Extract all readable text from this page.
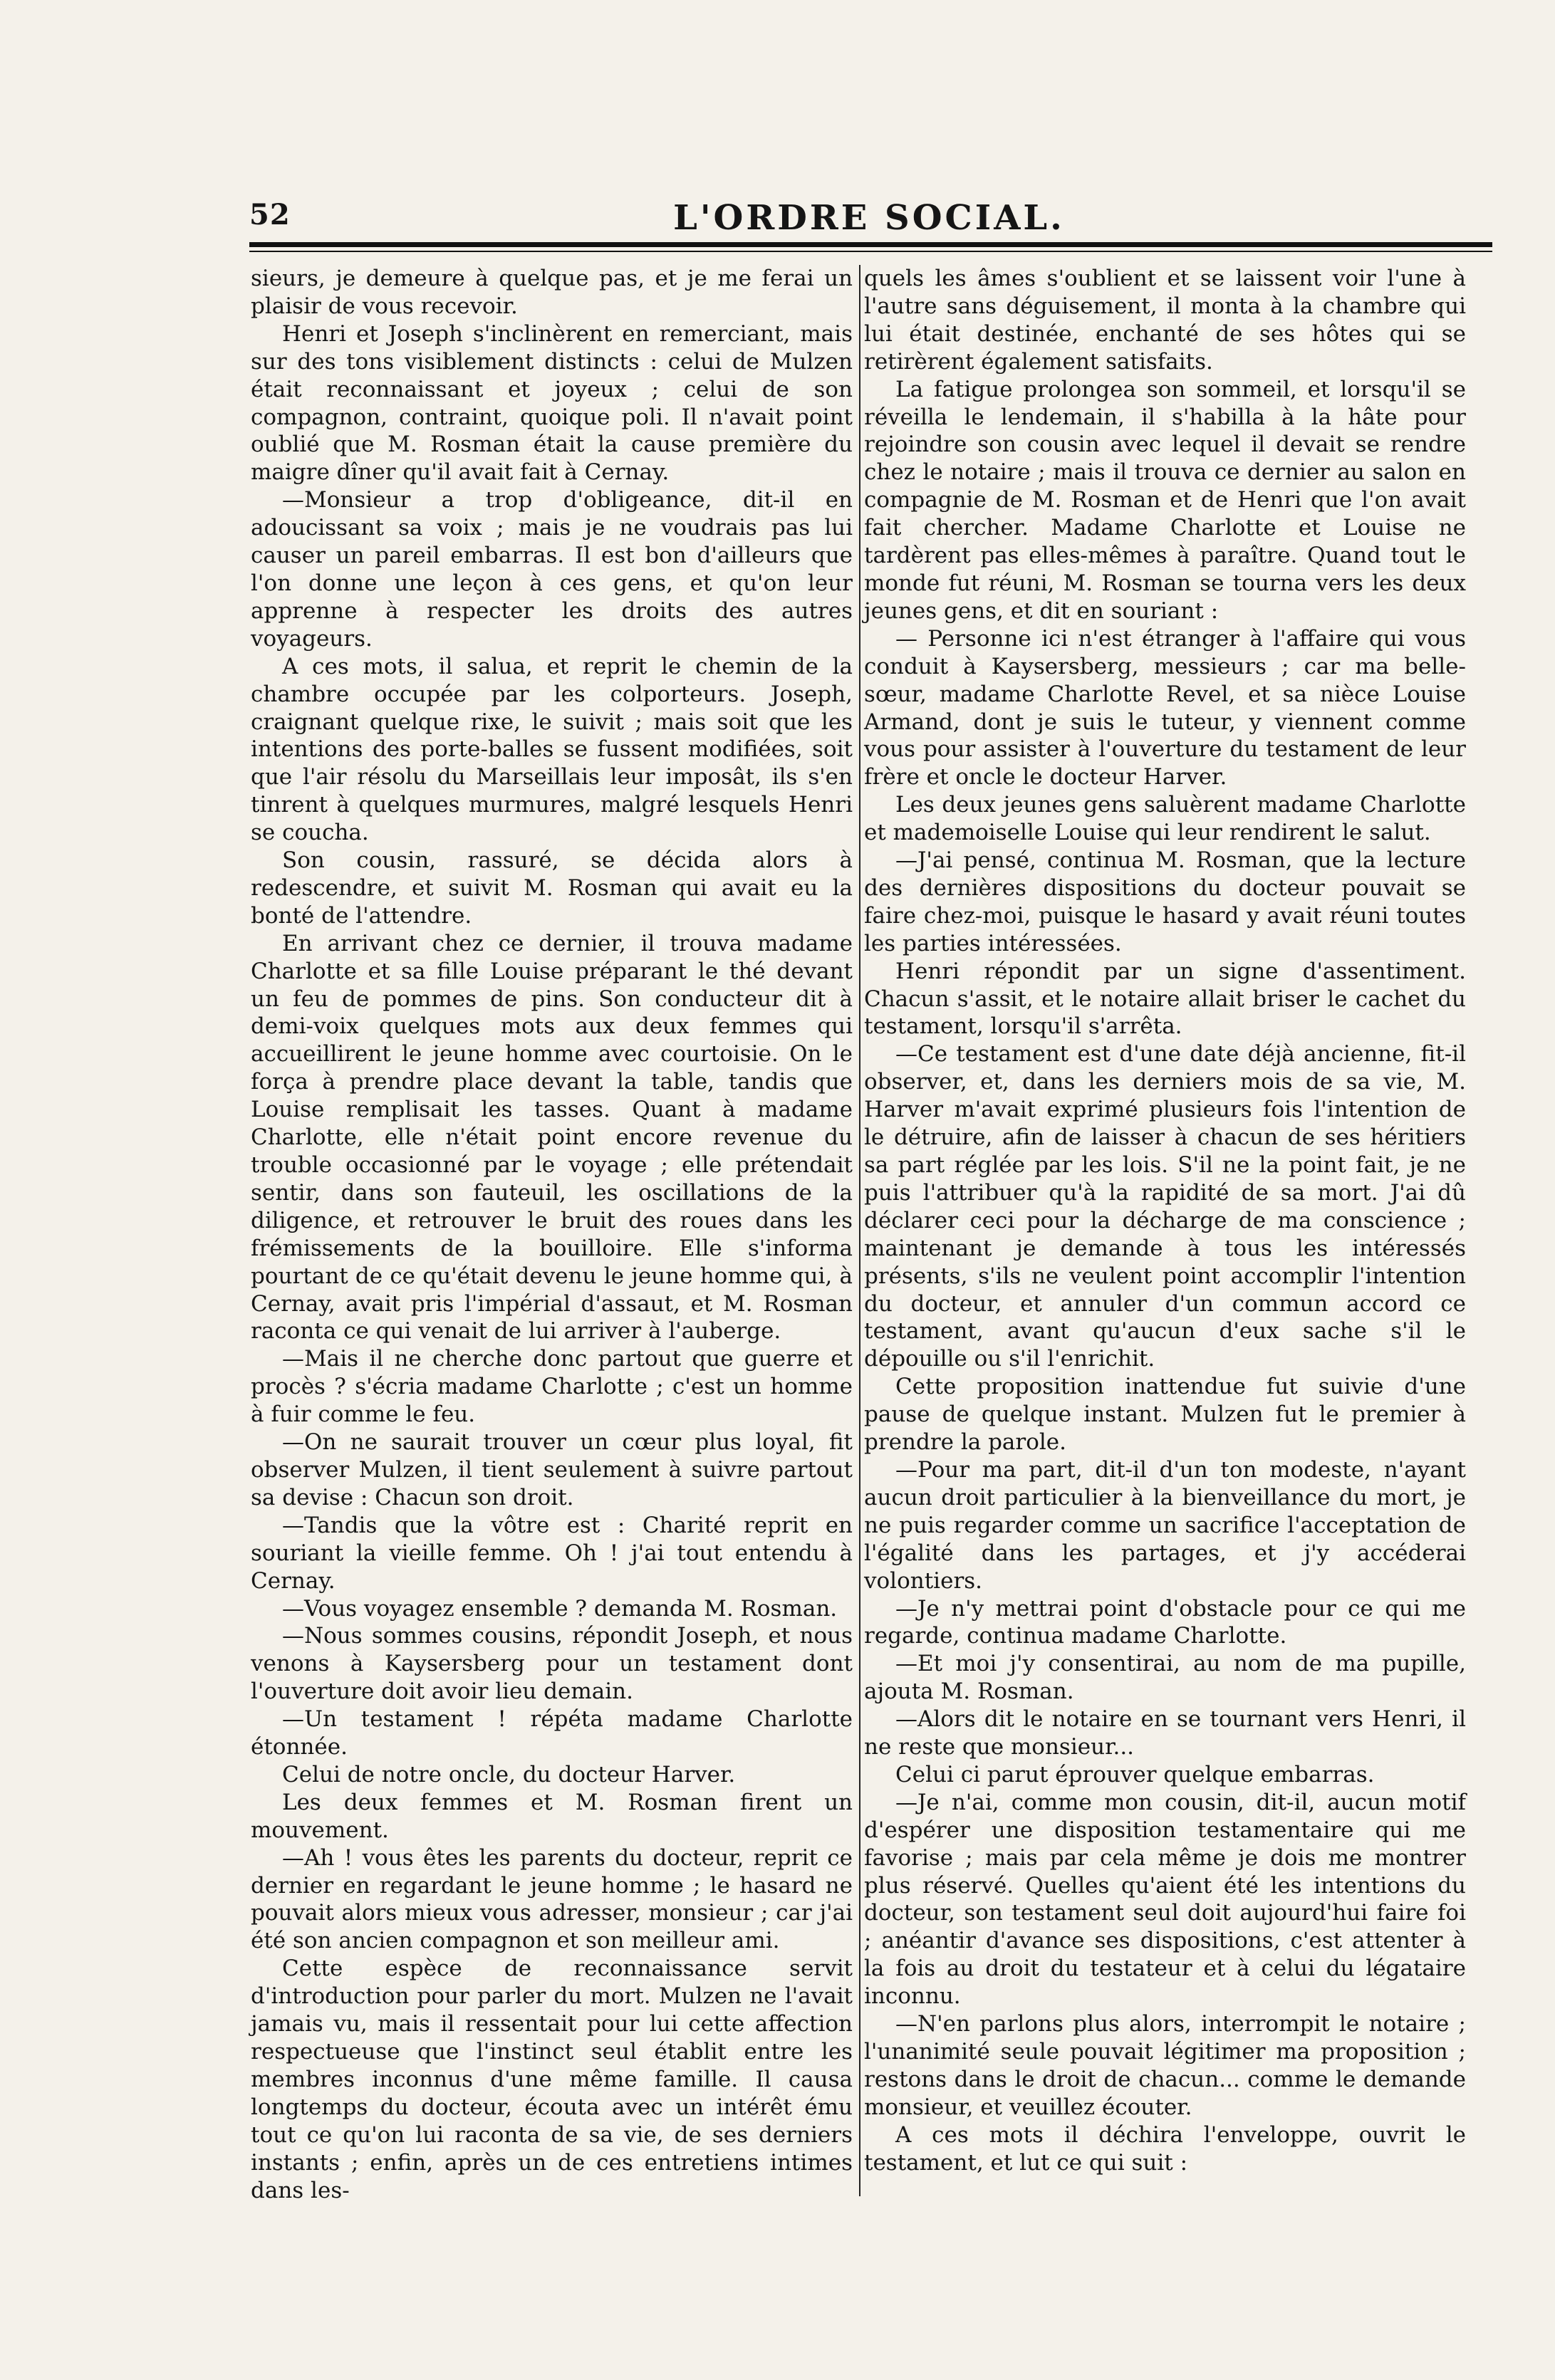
52	L'ORDRE SOCIAL.

sieurs, je demeure à quelque pas, et je me ferai un plaisir de vous recevoir.

Henri et Joseph s'inclinèrent en remerciant, mais sur des tons visiblement distincts : celui de Mulzen était reconnaissant et joyeux ; celui de son compagnon, contraint, quoique poli. Il n'avait point oublié que M. Rosman était la cause première du maigre dîner qu'il avait fait à Cernay.

—Monsieur a trop d'obligeance, dit-il en adoucissant sa voix ; mais je ne voudrais pas lui causer un pareil embarras. Il est bon d'ailleurs que l'on donne une leçon à ces gens, et qu'on leur apprenne à respecter les droits des autres voyageurs.

A ces mots, il salua, et reprit le chemin de la chambre occupée par les colporteurs. Joseph, craignant quelque rixe, le suivit ; mais soit que les intentions des porte-balles se fussent modifiées, soit que l'air résolu du Marseillais leur imposât, ils s'en tinrent à quelques murmures, malgré lesquels Henri se coucha.

Son cousin, rassuré, se décida alors à redescendre, et suivit M. Rosman qui avait eu la bonté de l'attendre.

En arrivant chez ce dernier, il trouva madame Charlotte et sa fille Louise préparant le thé devant un feu de pommes de pins. Son conducteur dit à demi-voix quelques mots aux deux femmes qui accueillirent le jeune homme avec courtoisie. On le força à prendre place devant la table, tandis que Louise remplisait les tasses. Quant à madame Charlotte, elle n'était point encore revenue du trouble occasionné par le voyage ; elle prétendait sentir, dans son fauteuil, les oscillations de la diligence, et retrouver le bruit des roues dans les frémissements de la bouilloire. Elle s'informa pourtant de ce qu'était devenu le jeune homme qui, à Cernay, avait pris l'impérial d'assaut, et M. Rosman raconta ce qui venait de lui arriver à l'auberge.

—Mais il ne cherche donc partout que guerre et procès ? s'écria madame Charlotte ; c'est un homme à fuir comme le feu.

—On ne saurait trouver un cœur plus loyal, fit observer Mulzen, il tient seulement à suivre partout sa devise : Chacun son droit.

—Tandis que la vôtre est : Charité reprit en souriant la vieille femme. Oh ! j'ai tout entendu à Cernay.

—Vous voyagez ensemble ? demanda M. Rosman.

—Nous sommes cousins, répondit Joseph, et nous venons à Kaysersberg pour un testament dont l'ouverture doit avoir lieu demain.

—Un testament ! répéta madame Charlotte étonnée.

Celui de notre oncle, du docteur Harver.

Les deux femmes et M. Rosman firent un mouvement.

—Ah ! vous êtes les parents du docteur, reprit ce dernier en regardant le jeune homme ; le hasard ne pouvait alors mieux vous adresser, monsieur ; car j'ai été son ancien compagnon et son meilleur ami.

Cette espèce de reconnaissance servit d'introduction pour parler du mort. Mulzen ne l'avait jamais vu, mais il ressentait pour lui cette affection respectueuse que l'instinct seul établit entre les membres inconnus d'une même famille. Il causa longtemps du docteur, écouta avec un intérêt ému tout ce qu'on lui raconta de sa vie, de ses derniers instants ; enfin, après un de ces entretiens intimes dans les-

quels les âmes s'oublient et se laissent voir l'une à l'autre sans déguisement, il monta à la chambre qui lui était destinée, enchanté de ses hôtes qui se retirèrent également satisfaits.

La fatigue prolongea son sommeil, et lorsqu'il se réveilla le lendemain, il s'habilla à la hâte pour rejoindre son cousin avec lequel il devait se rendre chez le notaire ; mais il trouva ce dernier au salon en compagnie de M. Rosman et de Henri que l'on avait fait chercher. Madame Charlotte et Louise ne tardèrent pas elles-mêmes à paraître. Quand tout le monde fut réuni, M. Rosman se tourna vers les deux jeunes gens, et dit en souriant :

— Personne ici n'est étranger à l'affaire qui vous conduit à Kaysersberg, messieurs ; car ma belle-sœur, madame Charlotte Revel, et sa nièce Louise Armand, dont je suis le tuteur, y viennent comme vous pour assister à l'ouverture du testament de leur frère et oncle le docteur Harver.

Les deux jeunes gens saluèrent madame Charlotte et mademoiselle Louise qui leur rendirent le salut.

—J'ai pensé, continua M. Rosman, que la lecture des dernières dispositions du docteur pouvait se faire chez-moi, puisque le hasard y avait réuni toutes les parties intéressées.

Henri répondit par un signe d'assentiment. Chacun s'assit, et le notaire allait briser le cachet du testament, lorsqu'il s'arrêta.

—Ce testament est d'une date déjà ancienne, fit-il observer, et, dans les derniers mois de sa vie, M. Harver m'avait exprimé plusieurs fois l'intention de le détruire, afin de laisser à chacun de ses héritiers sa part réglée par les lois. S'il ne la point fait, je ne puis l'attribuer qu'à la rapidité de sa mort. J'ai dû déclarer ceci pour la décharge de ma conscience ; maintenant je demande à tous les intéressés présents, s'ils ne veulent point accomplir l'intention du docteur, et annuler d'un commun accord ce testament, avant qu'aucun d'eux sache s'il le dépouille ou s'il l'enrichit.

Cette proposition inattendue fut suivie d'une pause de quelque instant. Mulzen fut le premier à prendre la parole.

—Pour ma part, dit-il d'un ton modeste, n'ayant aucun droit particulier à la bienveillance du mort, je ne puis regarder comme un sacrifice l'acceptation de l'égalité dans les partages, et j'y accéderai volontiers.

—Je n'y mettrai point d'obstacle pour ce qui me regarde, continua madame Charlotte.

—Et moi j'y consentirai, au nom de ma pupille, ajouta M. Rosman.

—Alors dit le notaire en se tournant vers Henri, il ne reste que monsieur...

Celui ci parut éprouver quelque embarras.

—Je n'ai, comme mon cousin, dit-il, aucun motif d'espérer une disposition testamentaire qui me favorise ; mais par cela même je dois me montrer plus réservé. Quelles qu'aient été les intentions du docteur, son testament seul doit aujourd'hui faire foi ; anéantir d'avance ses dispositions, c'est attenter à la fois au droit du testateur et à celui du légataire inconnu.

—N'en parlons plus alors, interrompit le notaire ; l'unanimité seule pouvait légitimer ma proposition ; restons dans le droit de chacun... comme le demande monsieur, et veuillez écouter.

A ces mots il déchira l'enveloppe, ouvrit le testament, et lut ce qui suit :
